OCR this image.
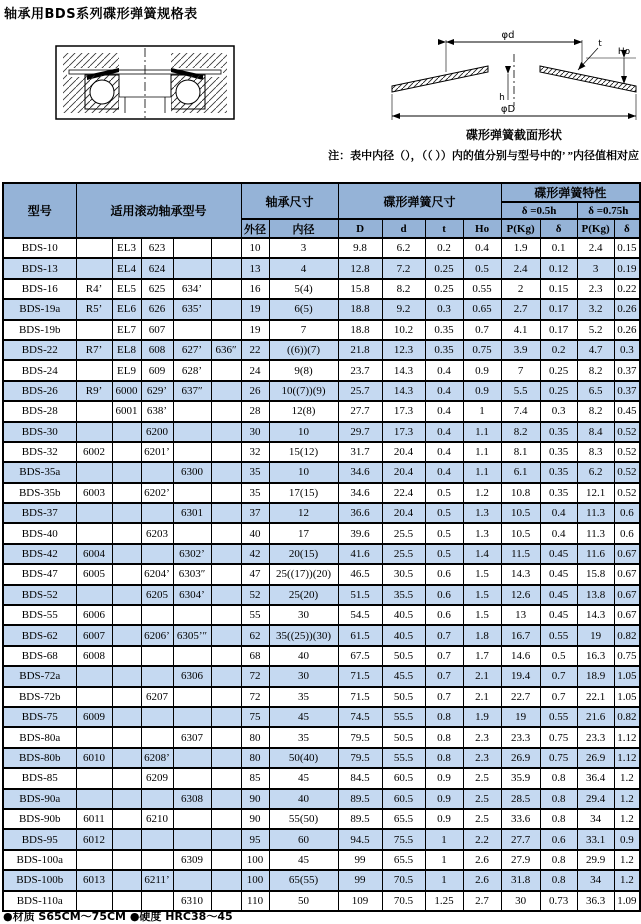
轴承用BDS系列碟形弹簧规格表
φd
t
Ho
h
φD
碟形弹簧截面形状
注：表中内径（），（（ ））内的值分别与型号中的’ ”内径值相对应
型号	适用滚动轴承型号					轴承尺寸		碟形弹簧尺寸				碟形弹簧特性			
												δ =0.5h		δ =0.75h	
						外径	内径	D	d	t	Ho	P(Kg)	δ	P(Kg)	δ
BDS-10		EL3	623			10	3	9.8	6.2	0.2	0.4	1.9	0.1	2.4	0.15
BDS-13		EL4	624			13	4	12.8	7.2	0.25	0.5	2.4	0.12	3	0.19
BDS-16	R4’	EL5	625	634’		16	5(4)	15.8	8.2	0.25	0.55	2	0.15	2.3	0.22
BDS-19a	R5’	EL6	626	635’		19	6(5)	18.8	9.2	0.3	0.65	2.7	0.17	3.2	0.26
BDS-19b		EL7	607			19	7	18.8	10.2	0.35	0.7	4.1	0.17	5.2	0.26
BDS-22	R7’	EL8	608	627’	636″	22	((6))(7)	21.8	12.3	0.35	0.75	3.9	0.2	4.7	0.3
BDS-24		EL9	609	628’		24	9(8)	23.7	14.3	0.4	0.9	7	0.25	8.2	0.37
BDS-26	R9’	6000	629’	637″		26	10((7))(9)	25.7	14.3	0.4	0.9	5.5	0.25	6.5	0.37
BDS-28		6001	638’			28	12(8)	27.7	17.3	0.4	1	7.4	0.3	8.2	0.45
BDS-30			6200			30	10	29.7	17.3	0.4	1.1	8.2	0.35	8.4	0.52
BDS-32	6002		6201’			32	15(12)	31.7	20.4	0.4	1.1	8.1	0.35	8.3	0.52
BDS-35a				6300		35	10	34.6	20.4	0.4	1.1	6.1	0.35	6.2	0.52
BDS-35b	6003		6202’			35	17(15)	34.6	22.4	0.5	1.2	10.8	0.35	12.1	0.52
BDS-37				6301		37	12	36.6	20.4	0.5	1.3	10.5	0.4	11.3	0.6
BDS-40			6203			40	17	39.6	25.5	0.5	1.3	10.5	0.4	11.3	0.6
BDS-42	6004			6302’		42	20(15)	41.6	25.5	0.5	1.4	11.5	0.45	11.6	0.67
BDS-47	6005		6204’	6303″		47	25((17))(20)	46.5	30.5	0.6	1.5	14.3	0.45	15.8	0.67
BDS-52			6205	6304’		52	25(20)	51.5	35.5	0.6	1.5	12.6	0.45	13.8	0.67
BDS-55	6006					55	30	54.5	40.5	0.6	1.5	13	0.45	14.3	0.67
BDS-62	6007		6206’	6305’″		62	35((25))(30)	61.5	40.5	0.7	1.8	16.7	0.55	19	0.82
BDS-68	6008					68	40	67.5	50.5	0.7	1.7	14.6	0.5	16.3	0.75
BDS-72a				6306		72	30	71.5	45.5	0.7	2.1	19.4	0.7	18.9	1.05
BDS-72b			6207			72	35	71.5	50.5	0.7	2.1	22.7	0.7	22.1	1.05
BDS-75	6009					75	45	74.5	55.5	0.8	1.9	19	0.55	21.6	0.82
BDS-80a				6307		80	35	79.5	50.5	0.8	2.3	23.3	0.75	23.3	1.12
BDS-80b	6010		6208’			80	50(40)	79.5	55.5	0.8	2.3	26.9	0.75	26.9	1.12
BDS-85			6209			85	45	84.5	60.5	0.9	2.5	35.9	0.8	36.4	1.2
BDS-90a				6308		90	40	89.5	60.5	0.9	2.5	28.5	0.8	29.4	1.2
BDS-90b	6011		6210			90	55(50)	89.5	65.5	0.9	2.5	33.6	0.8	34	1.2
BDS-95	6012					95	60	94.5	75.5	1	2.2	27.7	0.6	33.1	0.9
BDS-100a				6309		100	45	99	65.5	1	2.6	27.9	0.8	29.9	1.2
BDS-100b	6013		6211’			100	65(55)	99	70.5	1	2.6	31.8	0.8	34	1.2
BDS-110a				6310		110	50	109	70.5	1.25	2.7	30	0.73	36.3	1.09
●材质 S65CM～75CM ●硬度 HRC38～45
